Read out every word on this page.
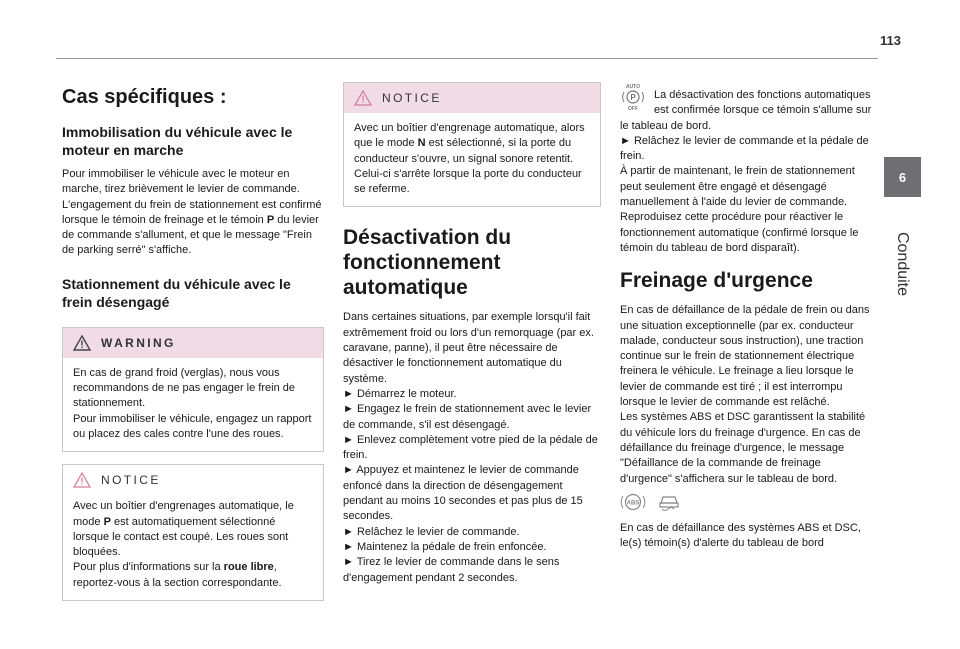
113
6
Conduite
Cas spécifiques :
Immobilisation du véhicule avec le moteur en marche

Pour immobiliser le véhicule avec le moteur en marche, tirez brièvement le levier de commande. L'engagement du frein de stationnement est confirmé lorsque le témoin de freinage et le témoin P du levier de commande s'allument, et que le message "Frein de parking serré" s'affiche.

Stationnement du véhicule avec le frein désengagé
WARNING

En cas de grand froid (verglas), nous vous recommandons de ne pas engager le frein de stationnement.

Pour immobiliser le véhicule, engagez un rapport ou placez des cales contre l'une des roues.

NOTICE

Avec un boîtier d'engrenages automatique, le mode P est automatiquement sélectionné lorsque le contact est coupé. Les roues sont bloquées.

Pour plus d'informations sur la roue libre, reportez-vous à la section correspondante.

NOTICE

Avec un boîtier d'engrenage automatique, alors que le mode N est sélectionné, si la porte du conducteur s'ouvre, un signal sonore retentit. Celui-ci s'arrête lorsque la porte du conducteur se referme.

Désactivation du fonctionnement automatique

Dans certaines situations, par exemple lorsqu'il fait extrêmement froid ou lors d'un remorquage (par ex. caravane, panne), il peut être nécessaire de désactiver le fonctionnement automatique du système.

► Démarrez le moteur.

► Engagez le frein de stationnement avec le levier de commande, s'il est désengagé.

► Enlevez complètement votre pied de la pédale de frein.

► Appuyez et maintenez le levier de commande enfoncé dans la direction de désengagement pendant au moins 10 secondes et pas plus de 15 secondes.

► Relâchez le levier de commande.

► Maintenez la pédale de frein enfoncée.

► Tirez le levier de commande dans le sens d'engagement pendant 2 secondes.

AUTO
P
OFF

La désactivation des fonctions automatiques est confirmée lorsque ce témoin s'allume sur le tableau de bord.

► Relâchez le levier de commande et la pédale de frein.

À partir de maintenant, le frein de stationnement peut seulement être engagé et désengagé manuellement à l'aide du levier de commande. Reproduisez cette procédure pour réactiver le fonctionnement automatique (confirmé lorsque le témoin du tableau de bord disparaît).

Freinage d'urgence

En cas de défaillance de la pédale de frein ou dans une situation exceptionnelle (par ex. conducteur malade, conducteur sous instruction), une traction continue sur le frein de stationnement électrique freinera le véhicule. Le freinage a lieu lorsque le levier de commande est tiré ; il est interrompu lorsque le levier de commande est relâché.

Les systèmes ABS et DSC garantissent la stabilité du véhicule lors du freinage d'urgence. En cas de défaillance du freinage d'urgence, le message "Défaillance de la commande de freinage d'urgence" s'affichera sur le tableau de bord.

ABS

En cas de défaillance des systèmes ABS et DSC, le(s) témoin(s) d'alerte du tableau de bord
